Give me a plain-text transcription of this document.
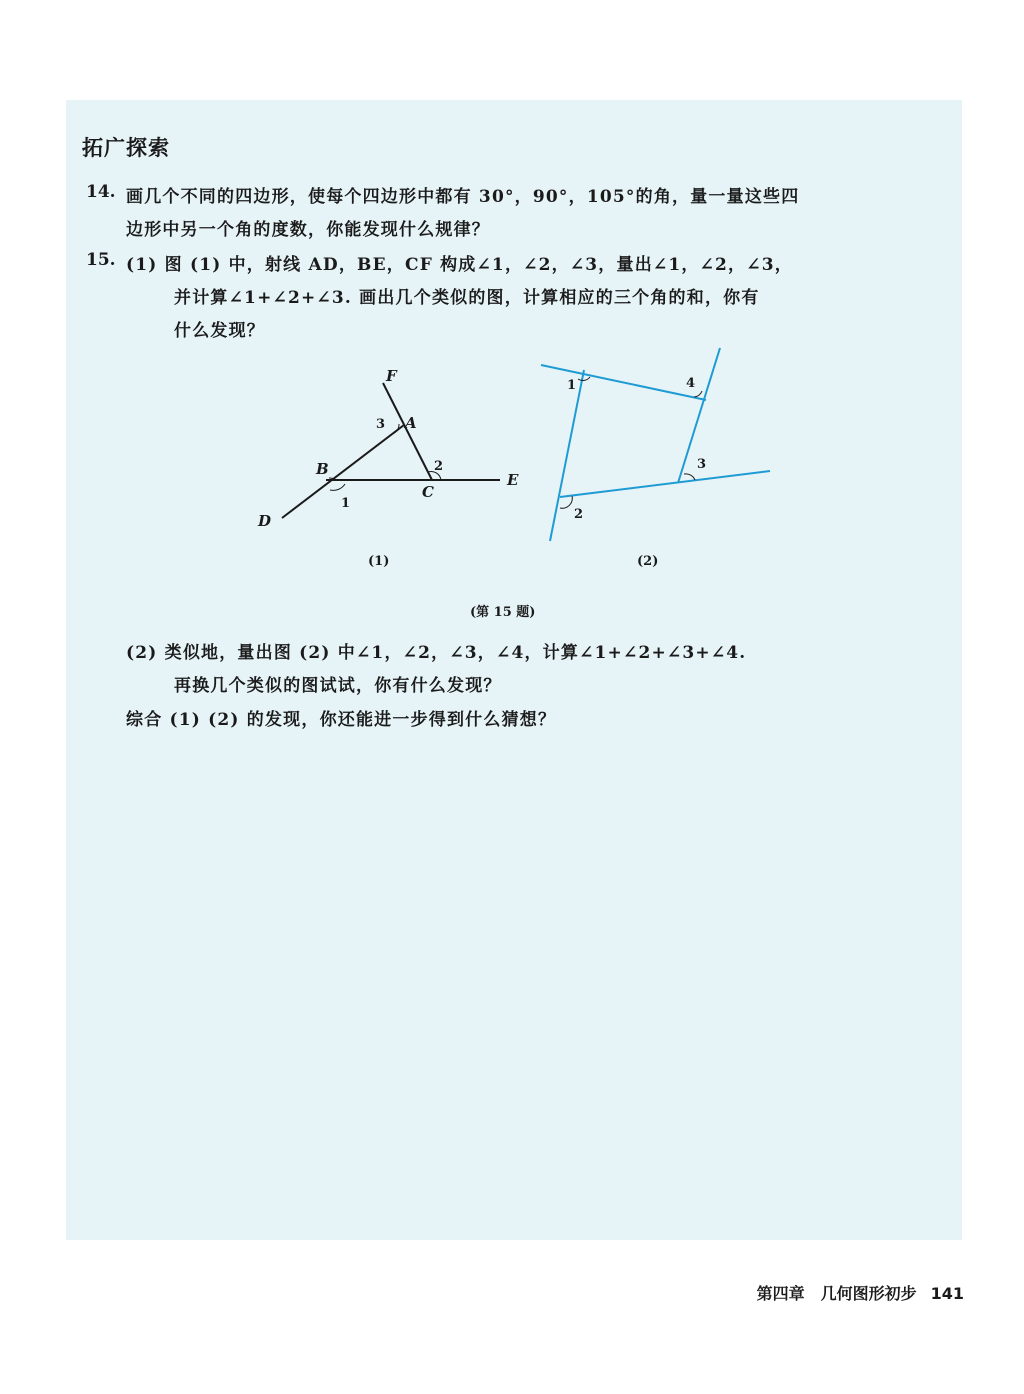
拓广探索
14. 画几个不同的四边形，使每个四边形中都有 30°，90°，105°的角，量一量这些四
边形中另一个角的度数，你能发现什么规律？
15. (1) 图 (1) 中，射线 AD，BE，CF 构成∠1，∠2，∠3，量出∠1，∠2，∠3，
并计算∠1+∠2+∠3. 画出几个类似的图，计算相应的三个角的和，你有
什么发现？
F
A
B
C
D
E
3
2
1
1	4
3
2
(1)	(2)
(第 15 题)
(2) 类似地，量出图 (2) 中∠1，∠2，∠3，∠4，计算∠1+∠2+∠3+∠4.
再换几个类似的图试试，你有什么发现？
综合 (1) (2) 的发现，你还能进一步得到什么猜想？
第四章　几何图形初步 141
